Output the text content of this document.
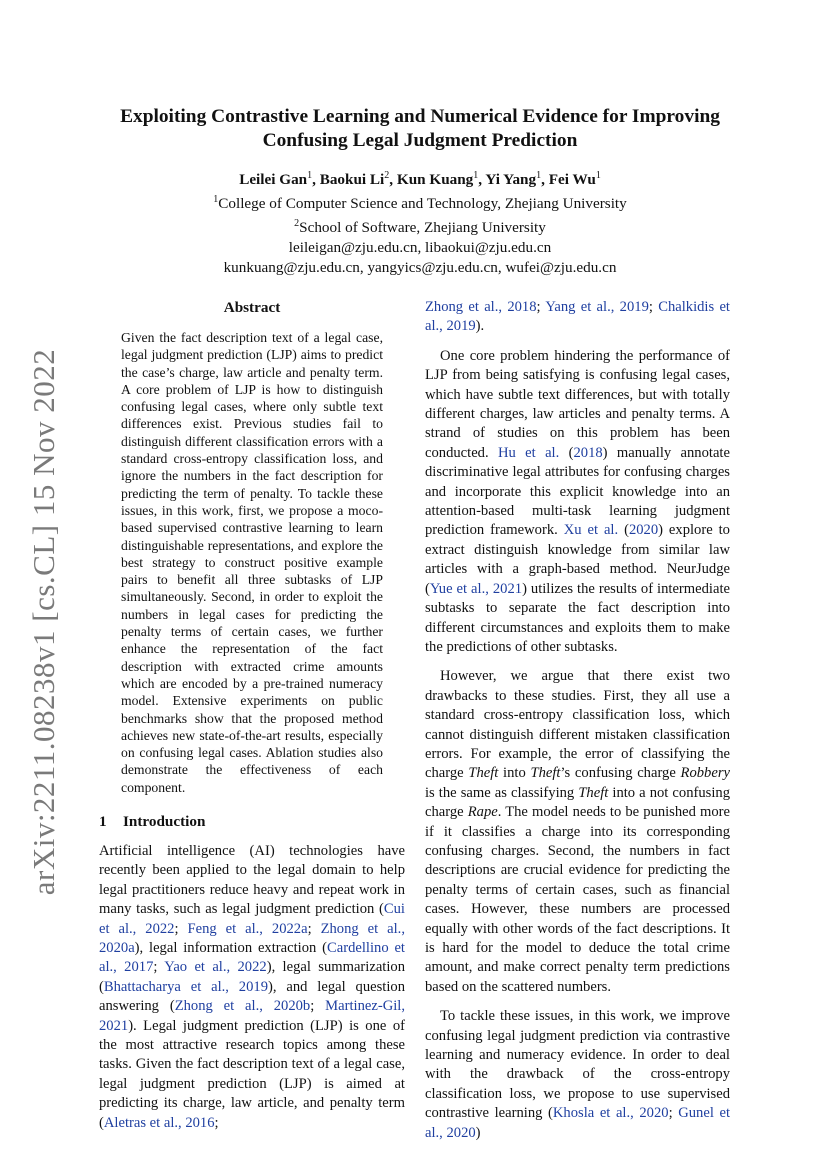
arXiv:2211.08238v1 [cs.CL] 15 Nov 2022
Exploiting Contrastive Learning and Numerical Evidence for Improving
Confusing Legal Judgment Prediction
Leilei Gan$^1$, Baokui Li$^2$, Kun Kuang$^1$, Yi Yang$^1$, Fei Wu$^1$
$^1$College of Computer Science and Technology, Zhejiang University
$^2$School of Software, Zhejiang University
leileigan@zju.edu.cn, libaokui@zju.edu.cn
kunkuang@zju.edu.cn, yangyics@zju.edu.cn, wufei@zju.edu.cn
Abstract
Given the fact description text of a legal case, legal judgment prediction (LJP) aims to predict the case’s charge, law article and penalty term. A core problem of LJP is how to distinguish confusing legal cases, where only subtle text differences exist. Previous studies fail to distinguish different classification errors with a standard cross-entropy classification loss, and ignore the numbers in the fact description for predicting the term of penalty. To tackle these issues, in this work, first, we propose a moco-based supervised contrastive learning to learn distinguishable representations, and explore the best strategy to construct positive example pairs to benefit all three subtasks of LJP simultaneously. Second, in order to exploit the numbers in legal cases for predicting the penalty terms of certain cases, we further enhance the representation of the fact description with extracted crime amounts which are encoded by a pre-trained numeracy model. Extensive experiments on public benchmarks show that the proposed method achieves new state-of-the-art results, especially on confusing legal cases. Ablation studies also demonstrate the effectiveness of each component.
1 Introduction

Artificial intelligence (AI) technologies have recently been applied to the legal domain to help legal practitioners reduce heavy and repeat work in many tasks, such as legal judgment prediction (Cui et al., 2022; Feng et al., 2022a; Zhong et al., 2020a), legal information extraction (Cardellino et al., 2017; Yao et al., 2022), legal summarization (Bhattacharya et al., 2019), and legal question answering (Zhong et al., 2020b; Martinez-Gil, 2021). Legal judgment prediction (LJP) is one of the most attractive research topics among these tasks. Given the fact description text of a legal case, legal judgment prediction (LJP) is aimed at predicting its charge, law article, and penalty term (Aletras et al., 2016;

Zhong et al., 2018; Yang et al., 2019; Chalkidis et al., 2019).

One core problem hindering the performance of LJP from being satisfying is confusing legal cases, which have subtle text differences, but with totally different charges, law articles and penalty terms. A strand of studies on this problem has been conducted. Hu et al. (2018) manually annotate discriminative legal attributes for confusing charges and incorporate this explicit knowledge into an attention-based multi-task learning judgment prediction framework. Xu et al. (2020) explore to extract distinguish knowledge from similar law articles with a graph-based method. NeurJudge (Yue et al., 2021) utilizes the results of intermediate subtasks to separate the fact description into different circumstances and exploits them to make the predictions of other subtasks.

However, we argue that there exist two drawbacks to these studies. First, they all use a standard cross-entropy classification loss, which cannot distinguish different mistaken classification errors. For example, the error of classifying the charge Theft into Theft’s confusing charge Robbery is the same as classifying Theft into a not confusing charge Rape. The model needs to be punished more if it classifies a charge into its corresponding confusing charges. Second, the numbers in fact descriptions are crucial evidence for predicting the penalty terms of certain cases, such as financial cases. However, these numbers are processed equally with other words of the fact descriptions. It is hard for the model to deduce the total crime amount, and make correct penalty term predictions based on the scattered numbers.

To tackle these issues, in this work, we improve confusing legal judgment prediction via contrastive learning and numeracy evidence. In order to deal with the drawback of the cross-entropy classification loss, we propose to use supervised contrastive learning (Khosla et al., 2020; Gunel et al., 2020)
